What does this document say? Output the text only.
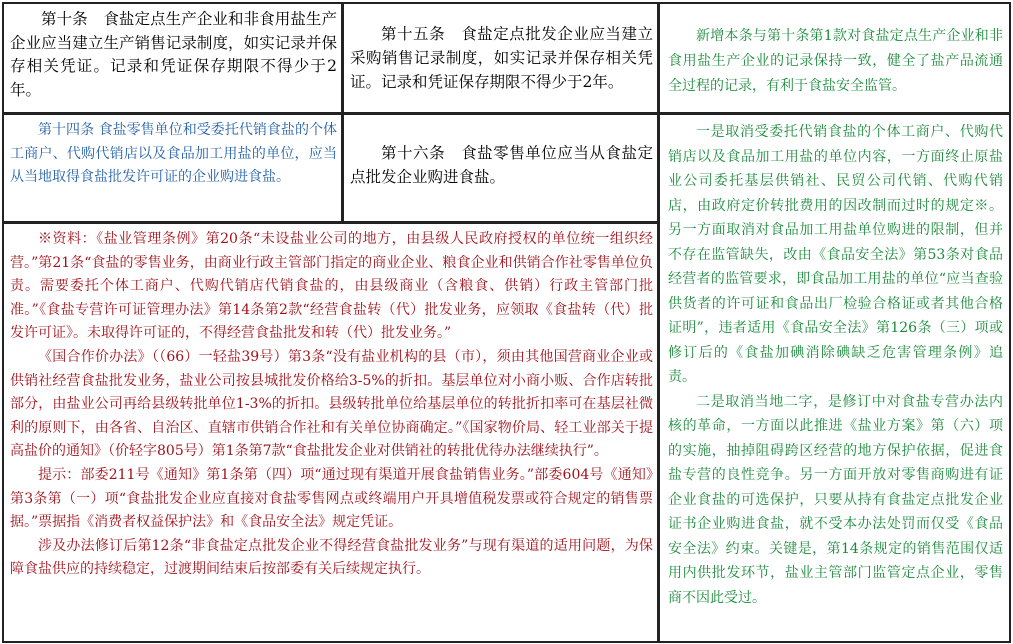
第十条　食盐定点生产企业和非食用盐生产企业应当建立生产销售记录制度，如实记录并保存相关凭证。记录和凭证保存期限不得少于2年。

第十五条　食盐定点批发企业应当建立采购销售记录制度，如实记录并保存相关凭证。记录和凭证保存期限不得少于2年。

新增本条与第十条第1款对食盐定点生产企业和非食用盐生产企业的记录保持一致，健全了盐产品流通全过程的记录，有利于食盐安全监管。

第十四条 食盐零售单位和受委托代销食盐的个体工商户、代购代销店以及食品加工用盐的单位，应当从当地取得食盐批发许可证的企业购进食盐。

第十六条　食盐零售单位应当从食盐定点批发企业购进食盐。

※资料：《盐业管理条例》第20条“未设盐业公司的地方，由县级人民政府授权的单位统一组织经营。”第21条“食盐的零售业务，由商业行政主管部门指定的商业企业、粮食企业和供销合作社零售单位负责。需要委托个体工商户、代购代销店代销食盐的，由县级商业（含粮食、供销）行政主管部门批准。”《食盐专营许可证管理办法》第14条第2款“经营食盐转（代）批发业务，应领取《食盐转（代）批发许可证》。未取得许可证的，不得经营食盐批发和转（代）批发业务。”

《国合作价办法》（（66）一轻盐39号）第3条“没有盐业机构的县（市），须由其他国营商业企业或供销社经营食盐批发业务，盐业公司按县城批发价格给3-5%的折扣。基层单位对小商小贩、合作店转批部分，由盐业公司再给县级转批单位1-3%的折扣。县级转批单位给基层单位的转批折扣率可在基层社微利的原则下，由各省、自治区、直辖市供销合作社和有关单位协商确定。”《国家物价局、轻工业部关于提高盐价的通知》（价轻字805号）第1条第7款“食盐批发企业对供销社的转批优待办法继续执行”。

提示：部委211号《通知》第1条第（四）项“通过现有渠道开展食盐销售业务。”部委604号《通知》第3条第（一）项“食盐批发企业应直接对食盐零售网点或终端用户开具增值税发票或符合规定的销售票据。”票据指《消费者权益保护法》和《食品安全法》规定凭证。

涉及办法修订后第12条“非食盐定点批发企业不得经营食盐批发业务”与现有渠道的适用问题，为保障食盐供应的持续稳定，过渡期间结束后按部委有关后续规定执行。

一是取消受委托代销食盐的个体工商户、代购代销店以及食品加工用盐的单位内容，一方面终止原盐业公司委托基层供销社、民贸公司代销、代购代销店，由政府定价转批费用的因改制而过时的规定※。另一方面取消对食品加工用盐单位购进的限制，但并不存在监管缺失，改由《食品安全法》第53条对食品经营者的监管要求，即食品加工用盐的单位“应当查验供货者的许可证和食品出厂检验合格证或者其他合格证明”，违者适用《食品安全法》第126条（三）项或修订后的《食盐加碘消除碘缺乏危害管理条例》追责。

二是取消当地二字，是修订中对食盐专营办法内核的革命，一方面以此推进《盐业方案》第（六）项的实施，抽掉阻碍跨区经营的地方保护依据，促进食盐专营的良性竞争。另一方面开放对零售商购进有证企业食盐的可选保护，只要从持有食盐定点批发企业证书企业购进食盐，就不受本办法处罚而仅受《食品安全法》约束。关键是，第14条规定的销售范围仅适用内供批发环节，盐业主管部门监管定点企业，零售商不因此受过。
